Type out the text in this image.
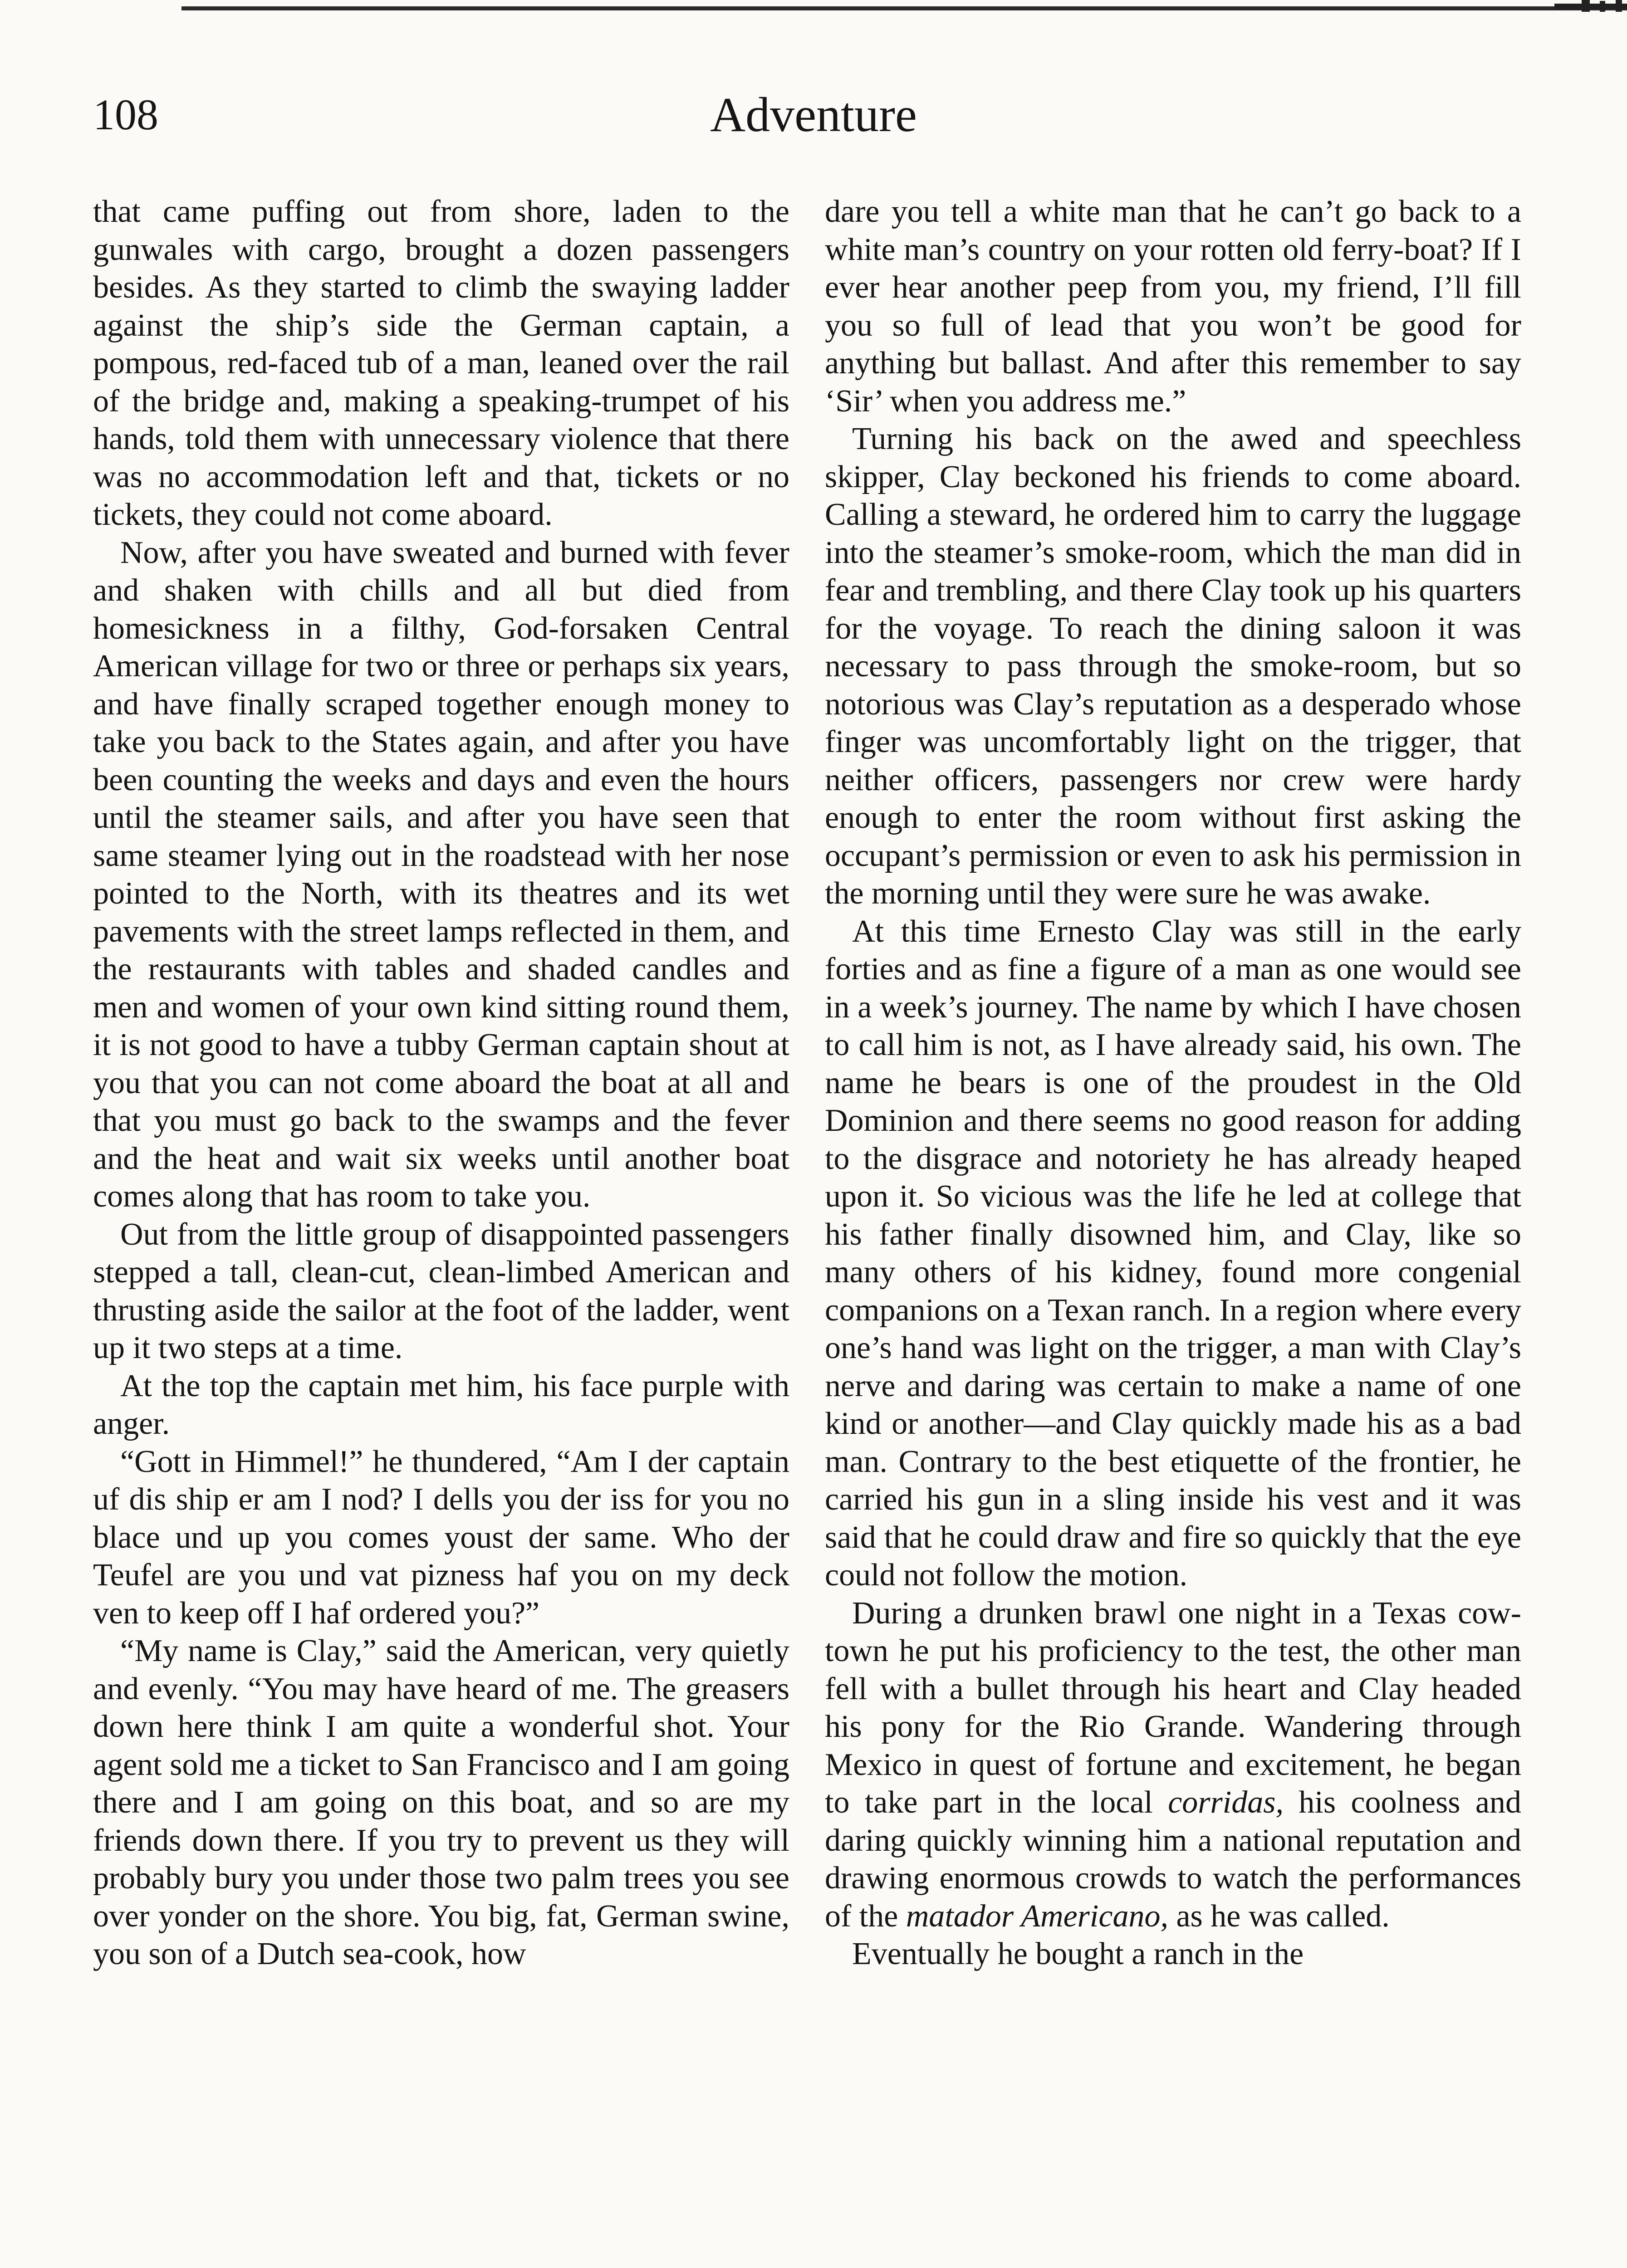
108	Adventure

that came puffing out from shore, laden to the gunwales with cargo, brought a dozen passengers besides. As they started to climb the swaying ladder against the ship’s side the German captain, a pompous, red-faced tub of a man, leaned over the rail of the bridge and, making a speaking-trumpet of his hands, told them with unnecessary violence that there was no accommodation left and that, tickets or no tickets, they could not come aboard.

Now, after you have sweated and burned with fever and shaken with chills and all but died from homesickness in a filthy, God-forsaken Central American village for two or three or perhaps six years, and have finally scraped together enough money to take you back to the States again, and after you have been counting the weeks and days and even the hours until the steamer sails, and after you have seen that same steamer lying out in the roadstead with her nose pointed to the North, with its theatres and its wet pavements with the street lamps reflected in them, and the restaurants with tables and shaded candles and men and women of your own kind sitting round them, it is not good to have a tubby German captain shout at you that you can not come aboard the boat at all and that you must go back to the swamps and the fever and the heat and wait six weeks until another boat comes along that has room to take you.

Out from the little group of disappointed passengers stepped a tall, clean-cut, clean-limbed American and thrusting aside the sailor at the foot of the ladder, went up it two steps at a time.

At the top the captain met him, his face purple with anger.

“Gott in Himmel!” he thundered, “Am I der captain uf dis ship er am I nod? I dells you der iss for you no blace und up you comes youst der same. Who der Teufel are you und vat pizness haf you on my deck ven to keep off I haf ordered you?”

“My name is Clay,” said the American, very quietly and evenly. “You may have heard of me. The greasers down here think I am quite a wonderful shot. Your agent sold me a ticket to San Francisco and I am going there and I am going on this boat, and so are my friends down there. If you try to prevent us they will probably bury you under those two palm trees you see over yonder on the shore. You big, fat, German swine, you son of a Dutch sea-cook, how

dare you tell a white man that he can’t go back to a white man’s country on your rotten old ferry-boat? If I ever hear another peep from you, my friend, I’ll fill you so full of lead that you won’t be good for anything but ballast. And after this remember to say ‘Sir’ when you address me.”

Turning his back on the awed and speechless skipper, Clay beckoned his friends to come aboard. Calling a steward, he ordered him to carry the luggage into the steamer’s smoke-room, which the man did in fear and trembling, and there Clay took up his quarters for the voyage. To reach the dining saloon it was necessary to pass through the smoke-room, but so notorious was Clay’s reputation as a desperado whose finger was uncomfortably light on the trigger, that neither officers, passengers nor crew were hardy enough to enter the room without first asking the occupant’s permission or even to ask his permission in the morning until they were sure he was awake.

At this time Ernesto Clay was still in the early forties and as fine a figure of a man as one would see in a week’s journey. The name by which I have chosen to call him is not, as I have already said, his own. The name he bears is one of the proudest in the Old Dominion and there seems no good reason for adding to the disgrace and notoriety he has already heaped upon it. So vicious was the life he led at college that his father finally disowned him, and Clay, like so many others of his kidney, found more congenial companions on a Texan ranch. In a region where every one’s hand was light on the trigger, a man with Clay’s nerve and daring was certain to make a name of one kind or another—and Clay quickly made his as a bad man. Contrary to the best etiquette of the frontier, he carried his gun in a sling inside his vest and it was said that he could draw and fire so quickly that the eye could not follow the motion.

During a drunken brawl one night in a Texas cow-town he put his proficiency to the test, the other man fell with a bullet through his heart and Clay headed his pony for the Rio Grande. Wandering through Mexico in quest of fortune and excitement, he began to take part in the local corridas, his coolness and daring quickly winning him a national reputation and drawing enormous crowds to watch the performances of the matador Americano, as he was called.

Eventually he bought a ranch in the
